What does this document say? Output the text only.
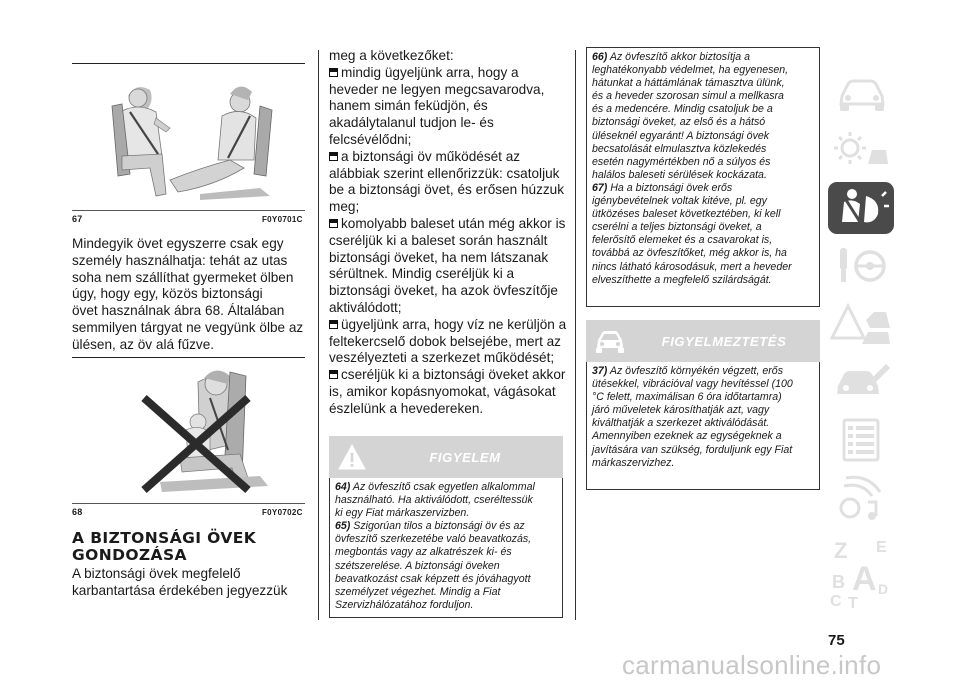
67	F0Y0701C

Mindegyik övet egyszerre csak egy

személy használhatja: tehát az utas

soha nem szállíthat gyermeket ölben

úgy, hogy egy, közös biztonsági

övet használnak ábra 68. Általában

semmilyen tárgyat ne vegyünk ölbe az

ülésen, az öv alá fűzve.

68	F0Y0702C
A BIZTONSÁGI ÖVEK
GONDOZÁSA

A biztonsági övek megfelelő

karbantartása érdekében jegyezzük

meg a következőket:

mindig ügyeljünk arra, hogy a

heveder ne legyen megcsavarodva,

hanem simán feküdjön, és

akadálytalanul tudjon le- és

felcsévélődni;

a biztonsági öv működését az

alábbiak szerint ellenőrizzük: csatoljuk

be a biztonsági övet, és erősen húzzuk

meg;

komolyabb baleset után még akkor is

cseréljük ki a baleset során használt

biztonsági öveket, ha nem látszanak

sérültnek. Mindig cseréljük ki a

biztonsági öveket, ha azok övfeszítője

aktiválódott;

ügyeljünk arra, hogy víz ne kerüljön a

feltekercselő dobok belsejébe, mert az

veszélyezteti a szerkezet működését;

cseréljük ki a biztonsági öveket akkor

is, amikor kopásnyomokat, vágásokat

észlelünk a hevedereken.

FIGYELEM

64) Az övfeszítő csak egyetlen alkalommal

használható. Ha aktiválódott, cseréltessük

ki egy Fiat márkaszervizben.

65) Szigorúan tilos a biztonsági öv és az

övfeszítő szerkezetébe való beavatkozás,

megbontás vagy az alkatrészek ki- és

szétszerelése. A biztonsági öveken

beavatkozást csak képzett és jóváhagyott

személyzet végezhet. Mindig a Fiat

Szervizhálózatához forduljon.

66) Az övfeszítő akkor biztosítja a

leghatékonyabb védelmet, ha egyenesen,

hátunkat a háttámlának támasztva ülünk,

és a heveder szorosan simul a mellkasra

és a medencére. Mindig csatoljuk be a

biztonsági öveket, az első és a hátsó

üléseknél egyaránt! A biztonsági övek

becsatolását elmulasztva közlekedés

esetén nagymértékben nő a súlyos és

halálos baleseti sérülések kockázata.

67) Ha a biztonsági övek erős

igénybevételnek voltak kitéve, pl. egy

ütközéses baleset következtében, ki kell

cserélni a teljes biztonsági öveket, a

felerősítő elemeket és a csavarokat is,

továbbá az övfeszítőket, még akkor is, ha

nincs látható károsodásuk, mert a heveder

elveszíthette a megfelelő szilárdságát.

FIGYELMEZTETÉS

37) Az övfeszítő környékén végzett, erős

ütésekkel, vibrációval vagy hevítéssel (100

°C felett, maximálisan 6 óra időtartamra)

járó műveletek károsíthatják azt, vagy

kiválthatják a szerkezet aktiválódását.

Amennyiben ezeknek az egységeknek a

javítására van szükség, forduljunk egy Fiat

márkaszervizhez.

Z E
B A
C T
D
75
carmanualsonline.info
